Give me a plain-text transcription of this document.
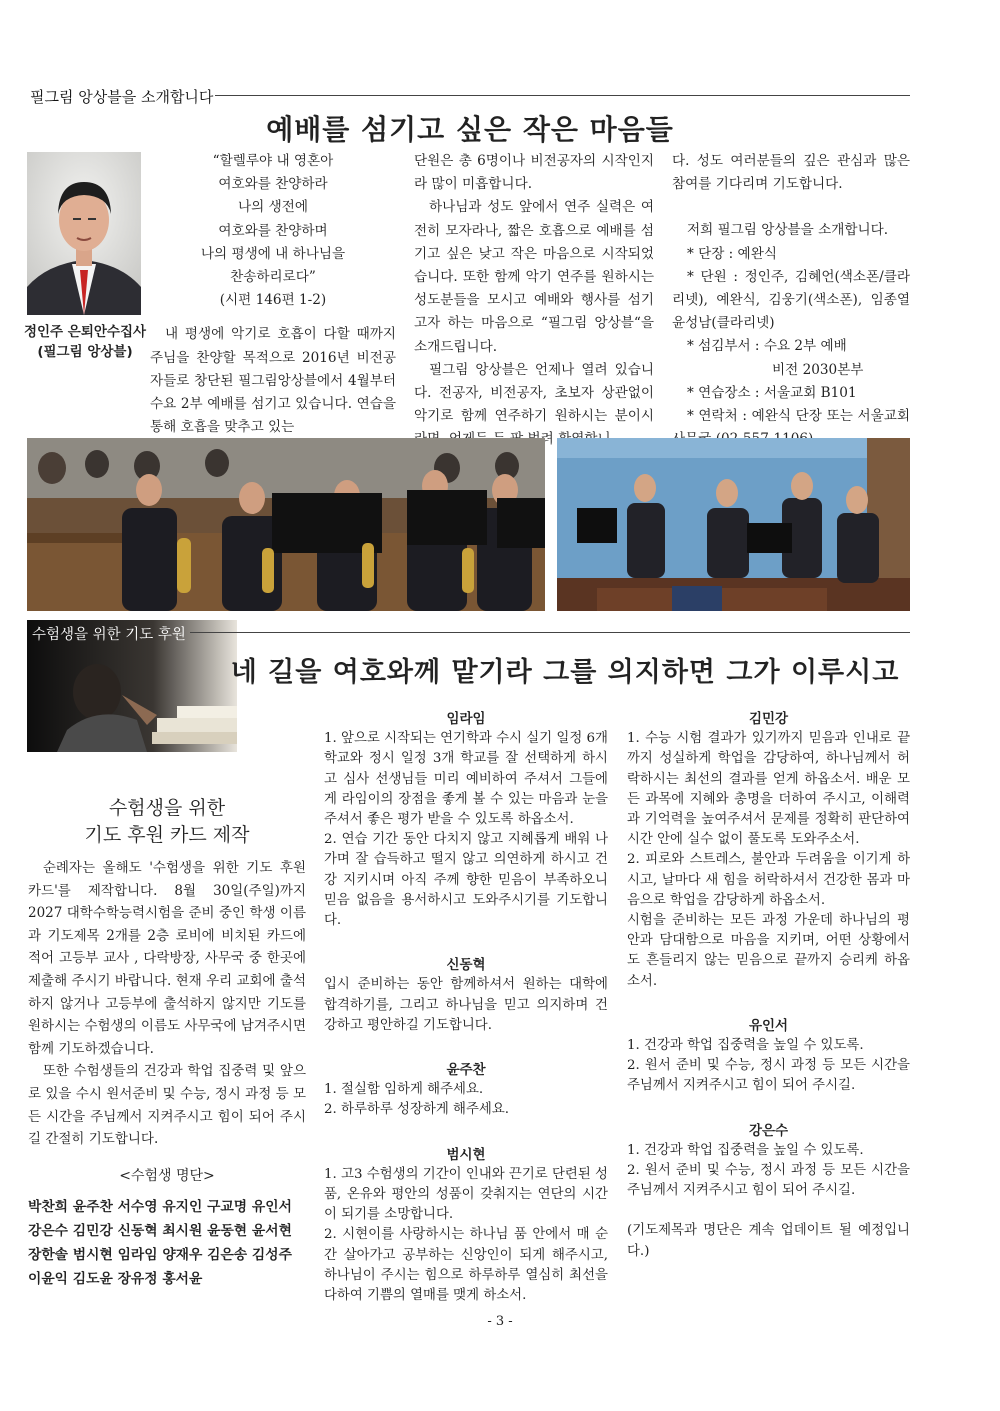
필그림 앙상블을 소개합니다
예배를 섬기고 싶은 작은 마음들
정인주 은퇴안수집사
(필그림 앙상블)

“할렐루야 내 영혼아

여호와를 찬양하라

나의 생전에

여호와를 찬양하며

나의 평생에 내 하나님을

찬송하리로다”

(시편 146편 1-2)

내 평생에 악기로 호흡이 다할 때까지 주님을 찬양할 목적으로 2016년 비전공자들로 창단된 필그림앙상블에서 4월부터 수요 2부 예배를 섬기고 있습니다. 연습을 통해 호흡을 맞추고 있는

단원은 총 6명이나 비전공자의 시작인지라 많이 미흡합니다.

하나님과 성도 앞에서 연주 실력은 여전히 모자라나, 짧은 호흡으로 예배를 섬기고 싶은 낮고 작은 마음으로 시작되었습니다. 또한 함께 악기 연주를 원하시는 성도분들을 모시고 예배와 행사를 섬기고자 하는 마음으로 “필그림 앙상블“을 소개드립니다.

필그림 앙상블은 언제나 열려 있습니다. 전공자, 비전공자, 초보자 상관없이 악기로 함께 연주하기 원하시는 분이시

다. 성도 여러분들의 깊은 관심과 많은 참여를 기다리며 기도합니다.

저희 필그림 앙상블을 소개합니다.

* 단장 : 예완식

* 단원 : 정인주, 김혜언(색소폰/클라리넷), 예완식, 김웅기(색소폰), 임종열 윤성남(클라리넷)

* 섬김부서 : 수요 2부 예배

비전 2030본부

* 연습장소 : 서울교회 B101

* 연락처 : 예완식 단장 또는 서울교회

수험생을 위한 기도 후원
네 길을 여호와께 맡기라 그를 의지하면 그가 이루시고
수험생을 위한
기도 후원 카드 제작

순례자는 올해도 '수험생을 위한 기도 후원 카드'를 제작합니다. 8월 30일(주일)까지 2027 대학수학능력시험을 준비 중인 학생 이름과 기도제목 2개를 2층 로비에 비치된 카드에 적어 고등부 교사 , 다락방장, 사무국 중 한곳에 제출해 주시기 바랍니다. 현재 우리 교회에 출석하지 않거나 고등부에 출석하지 않지만 기도를 원하시는 수험생의 이름도 사무국에 남겨주시면 함께 기도하겠습니다.

또한 수험생들의 건강과 학업 집중력 및 앞으로 있을 수시 원서준비 및 수능, 정시 과정 등 모든 시간을 주님께서 지켜주시고 힘이 되어 주시길 간절히 기도합니다.

<수험생 명단>
박찬희 윤주찬 서수영 유지인 구교명 유인서
강은수 김민강 신동혁 최시원 윤동현 윤서현
장한솔 범시현 임라임 양재우 김은송 김성주
이윤익 김도윤 장유정 홍서윤

임라임

1. 앞으로 시작되는 연기학과 수시 실기 일정 6개 학교와 정시 일정 3개 학교를 잘 선택하게 하시고 심사 선생님들 미리 예비하여 주셔서 그들에게 라임이의 장점을 좋게 볼 수 있는 마음과 눈을 주셔서 좋은 평가 받을 수 있도록 하옵소서.

2. 연습 기간 동안 다치지 않고 지혜롭게 배워 나가며 잘 습득하고 떨지 않고 의연하게 하시고 건강 지키시며 아직 주께 향한 믿음이 부족하오니 믿음 없음을 용서하시고 도와주시기를 기도합니다.

신동혁

입시 준비하는 동안 함께하셔서 원하는 대학에 합격하기를, 그리고 하나님을 믿고 의지하며 건강하고 평안하길 기도합니다.

윤주찬

1. 절실함 임하게 해주세요.

2. 하루하루 성장하게 해주세요.

범시현

1. 고3 수험생의 기간이 인내와 끈기로 단련된 성품, 온유와 평안의 성품이 갖춰지는 연단의 시간이 되기를 소망합니다.

2. 시현이를 사랑하시는 하나님 품 안에서 매 순간 살아가고 공부하는 신앙인이 되게 해주시고, 하나님이 주시는 힘으로 하루하루 열심히 최선을 다하여 기쁨의 열매를 맺게 하소서.

김민강

1. 수능 시험 결과가 있기까지 믿음과 인내로 끝까지 성실하게 학업을 감당하여, 하나님께서 허락하시는 최선의 결과를 얻게 하옵소서. 배운 모든 과목에 지혜와 총명을 더하여 주시고, 이해력과 기억력을 높여주셔서 문제를 정확히 판단하여 시간 안에 실수 없이 풀도록 도와주소서.

2. 피로와 스트레스, 불안과 두려움을 이기게 하시고, 날마다 새 힘을 허락하셔서 건강한 몸과 마음으로 학업을 감당하게 하옵소서.

시험을 준비하는 모든 과정 가운데 하나님의 평안과 담대함으로 마음을 지키며, 어떤 상황에서도 흔들리지 않는 믿음으로 끝까지 승리케 하옵소서.

유인서

1. 건강과 학업 집중력을 높일 수 있도록.

2. 원서 준비 및 수능, 정시 과정 등 모든 시간을 주님께서 지켜주시고 힘이 되어 주시길.

강은수

1. 건강과 학업 집중력을 높일 수 있도록.

2. 원서 준비 및 수능, 정시 과정 등 모든 시간을 주님께서 지켜주시고 힘이 되어 주시길.

(기도제목과 명단은 계속 업데이트 될 예정입니다.)

- 3 -
